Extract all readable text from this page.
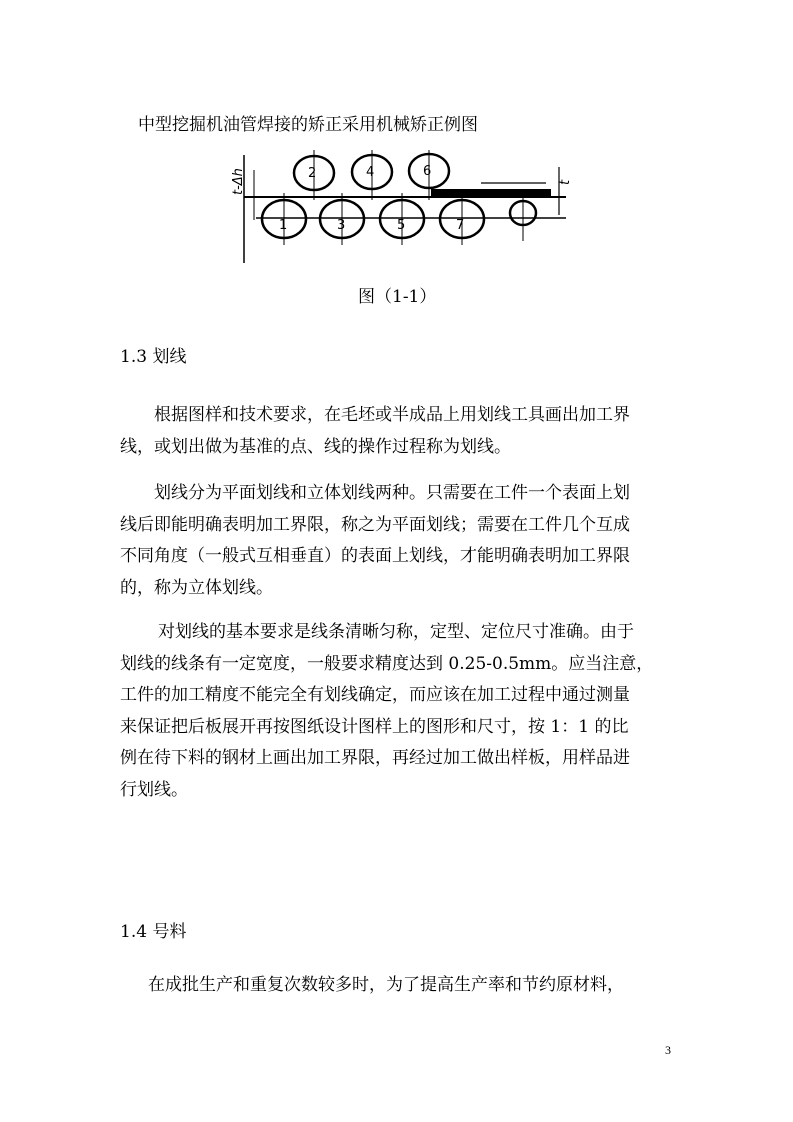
中型挖掘机油管焊接的矫正采用机械矫正例图
t-Δh	t
2	4	6
1	3	5	7
图（1-1）
1.3 划线
根据图样和技术要求，在毛坯或半成品上用划线工具画出加工界
线，或划出做为基准的点、线的操作过程称为划线。
划线分为平面划线和立体划线两种。只需要在工件一个表面上划
线后即能明确表明加工界限，称之为平面划线；需要在工件几个互成
不同角度（一般式互相垂直）的表面上划线，才能明确表明加工界限
的，称为立体划线。
对划线的基本要求是线条清晰匀称，定型、定位尺寸准确。由于
划线的线条有一定宽度，一般要求精度达到 0.25-0.5mm。应当注意，
工件的加工精度不能完全有划线确定，而应该在加工过程中通过测量
来保证把后板展开再按图纸设计图样上的图形和尺寸，按 1：1 的比
例在待下料的钢材上画出加工界限，再经过加工做出样板，用样品进
行划线。
1.4 号料
在成批生产和重复次数较多时，为了提高生产率和节约原材料，
3
